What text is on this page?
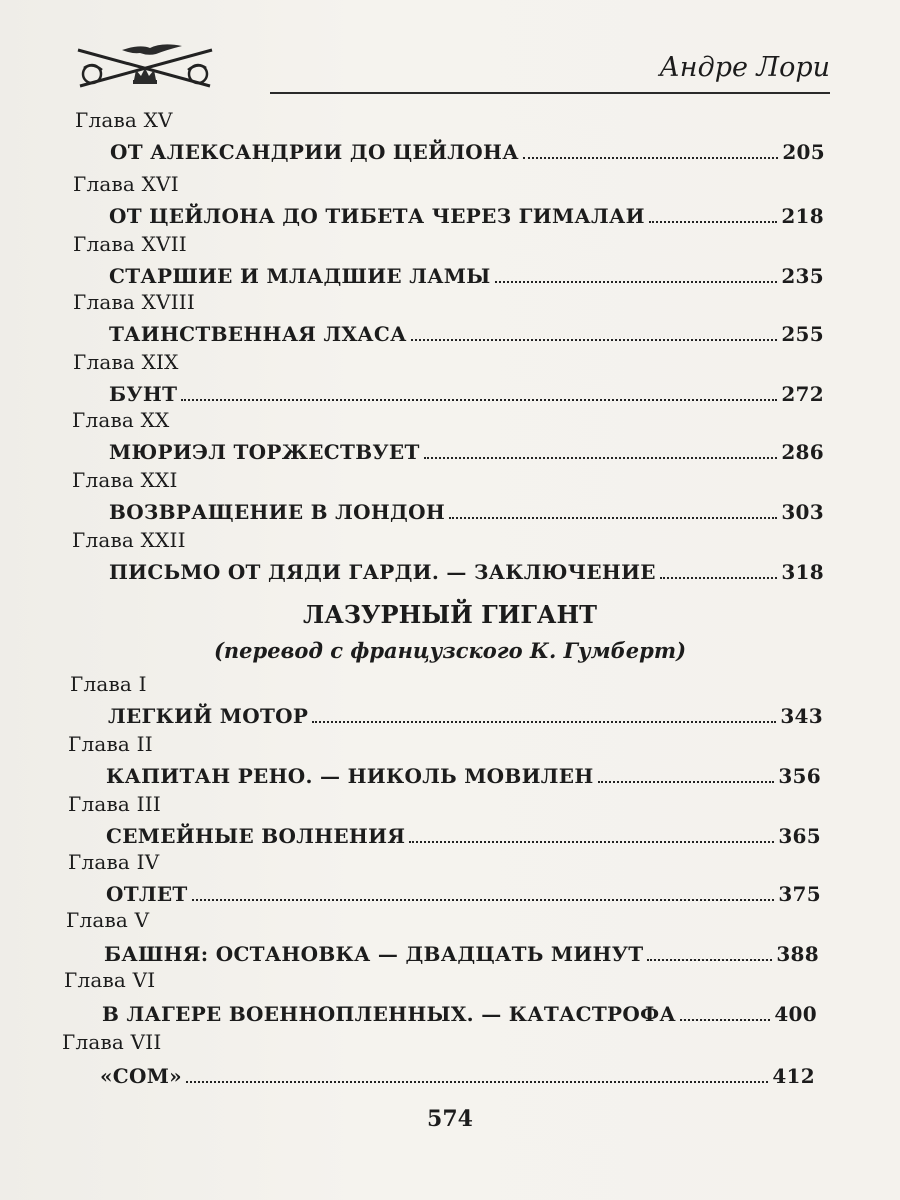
Андре Лори
Глава XV
ОТ АЛЕКСАНДРИИ ДО ЦЕЙЛОНА	205
Глава XVI
ОТ ЦЕЙЛОНА ДО ТИБЕТА ЧЕРЕЗ ГИМАЛАИ	218
Глава XVII
СТАРШИЕ И МЛАДШИЕ ЛАМЫ	235
Глава XVIII
ТАИНСТВЕННАЯ ЛХАСА	255
Глава XIX
БУНТ	272
Глава XX
МЮРИЭЛ ТОРЖЕСТВУЕТ	286
Глава XXI
ВОЗВРАЩЕНИЕ В ЛОНДОН	303
Глава XXII
ПИСЬМО ОТ ДЯДИ ГАРДИ. — ЗАКЛЮЧЕНИЕ	318
ЛАЗУРНЫЙ ГИГАНТ
(перевод с французского К. Гумберт)
Глава I
ЛЕГКИЙ МОТОР	343
Глава II
КАПИТАН РЕНО. — НИКОЛЬ МОВИЛЕН	356
Глава III
СЕМЕЙНЫЕ ВОЛНЕНИЯ	365
Глава IV
ОТЛЕТ	375
Глава V
БАШНЯ: ОСТАНОВКА — ДВАДЦАТЬ МИНУТ	388
Глава VI
В ЛАГЕРЕ ВОЕННОПЛЕННЫХ. — КАТАСТРОФА	400
Глава VII
«СОМ»	412
574
